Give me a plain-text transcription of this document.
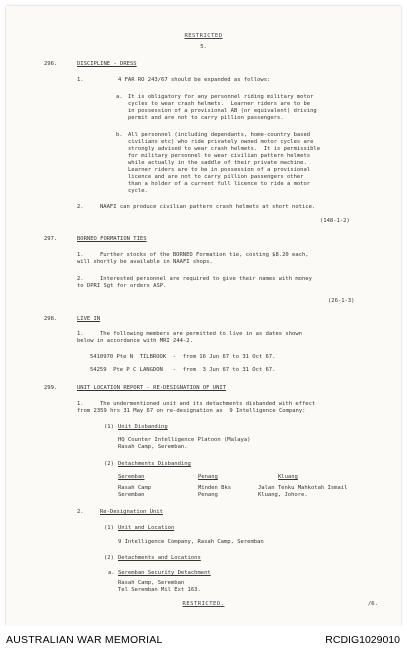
RESTRICTED
5.
296.	DISCIPLINE - DRESS
1.	4 FAR RO 243/67 should be expanded as follows:
a. It is obligatory for any personnel riding military motor
cycles to wear crash helmets.  Learner riders are to be
in possession of a provisional AB (or equivalent) driving
permit and are not to carry pillion passengers.
b. All personnel (including dependants, home-country based
civilians etc) who ride privately owned motor cycles are
strongly advised to wear crash helmets.  It is permissible
for military personnel to wear civilian pattern helmets
while actually in the saddle of their private machine.
Learner riders are to be in possession of a provisional
licence and are not to carry pillion passengers other
than a holder of a current full licence to ride a motor
cycle.
2.	NAAFI can produce civilian pattern crash helmets at short notice.
(148-1-2)
297.	BORNEO FORMATION TIES
1.	Further stocks of the BORNEO Formation tie, costing $8.20 each,
will shortly be available in NAAFI shops.
2.	Interested personnel are required to give their names with money
to DPRI Sgt for orders ASP.
(26-1-3)
298.	LIVE IN
1.	The following members are permitted to live in as dates shown
below in accordance with MRI 244-2.
5410970 Pte N  TILBROOK  -  from 16 Jun 67 to 31 Oct 67.
54259  Pte P C LANGDON   -  from  3 Jun 67 to 31 Oct 67.
299.	UNIT LOCATION REPORT - RE-DESIGNATION OF UNIT
1.	The undermentioned unit and its detachments disbanded with effect
from 2359 hrs 31 May 67 on re-designation as  9 Intelligence Company:
(1) Unit Disbanding
HQ Counter Intelligence Platoon (Malaya)
Rasah Camp, Seremban.
(2) Detachments Disbanding
Seremban	Penang	Kluang
Rasah Camp	Minden Bks	Jalan Tenku Mahkotah Ismail
Seremban	Penang	Kluang, Johore.
2.	Re-Designation Unit
(1) Unit and Location
9 Intelligence Company, Rasah Camp, Seremban
(2) Detachments and Locations
a. Seremban Security Detachment
Rasah Camp, Seremban
Tel Seremban Mil Ext 163.
RESTRICTED.	/6.
AUSTRALIAN WAR MEMORIAL	RCDIG1029010
